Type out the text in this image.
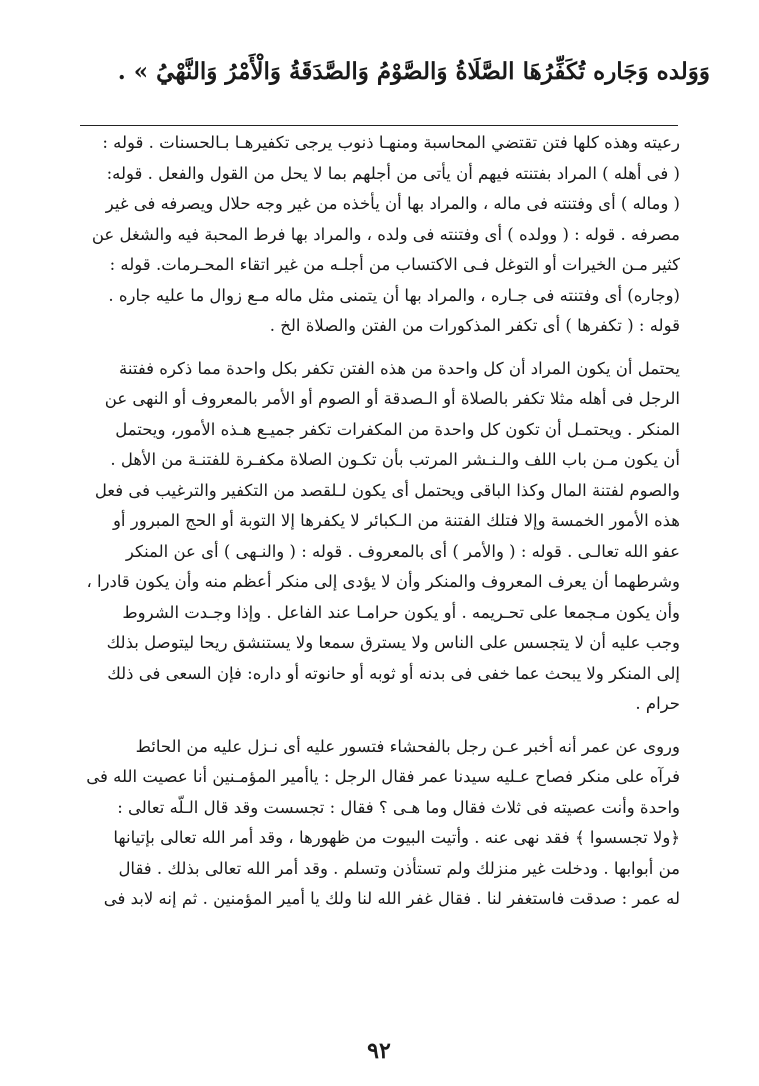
وَوَلده وَجَاره تُكَفِّرُهَا الصَّلَاةُ وَالصَّوْمُ وَالصَّدَقَةُ وَالْأَمْرُ وَالنَّهْيُ » .
رعيته وهذه كلها فتن تقتضي المحاسبة ومنهـا ذنوب يرجى تكفيرهـا بـالحسنات . قوله :
( فى أهله ) المراد بفتنته فيهم أن يأتى من أجلهم بما لا يحل من القول والفعل . قوله:
( وماله ) أى وفتنته فى ماله ، والمراد بها أن يأخذه من غير وجه حلال ويصرفه فى غير
مصرفه . قوله : ( وولده ) أى وفتنته فى ولده ، والمراد بها فرط المحبة فيه والشغل عن
كثير مـن الخيرات أو التوغل فـى الاكتساب من أجلـه من غير اتقاء المحـرمات. قوله :
(وجاره) أى وفتنته فى جـاره ، والمراد بها أن يتمنى مثل ماله مـع زوال ما عليه جاره .
قوله : ( تكفرها ) أى تكفر المذكورات من الفتن والصلاة الخ .
يحتمل أن يكون المراد أن كل واحدة من هذه الفتن تكفر بكل واحدة مما ذكره ففتنة
الرجل فى أهله مثلا تكفر بالصلاة أو الـصدقة أو الصوم أو الأمر بالمعروف أو النهى عن
المنكر . ويحتمـل أن تكون كل واحدة من المكفرات تكفر جميـع هـذه الأمور، ويحتمل
أن يكون مـن باب اللف والـنـشر المرتب بأن تكـون الصلاة مكفـرة للفتنـة من الأهل .
والصوم لفتنة المال وكذا الباقى ويحتمل أى يكون لـلقصد من التكفير والترغيب فى فعل
هذه الأمور الخمسة وإلا فتلك الفتنة من الـكبائر لا يكفرها إلا التوبة أو الحج المبرور أو
عفو الله تعالـى . قوله : ( والأمر ) أى بالمعروف . قوله : ( والنـهى ) أى عن المنكر
وشرطهما أن يعرف المعروف والمنكر وأن لا يؤدى إلى منكر أعظم منه وأن يكون قادرا ،
وأن يكون مـجمعا على تحـريمه . أو يكون حرامـا عند الفاعل . وإذا وجـدت الشروط
وجب عليه أن لا يتجسس على الناس ولا يسترق سمعا ولا يستنشق ريحا ليتوصل بذلك
إلى المنكر ولا يبحث عما خفى فى بدنه أو ثوبه أو حانوته أو داره: فإن السعى فى ذلك
حرام .
وروى عن عمر أنه أخبر عـن رجل بالفحشاء فتسور عليه أى نـزل عليه من الحائط
فرآه على منكر فصاح عـليه سيدنا عمر فقال الرجل : ياأمير المؤمـنين أنا عصيت الله فى
واحدة وأنت عصيته فى ثلاث فقال وما هـى ؟ فقال : تجسست وقد قال الـلّه تعالى :
﴿ولا تجسسوا ﴾ فقد نهى عنه . وأتيت البيوت من ظهورها ، وقد أمر الله تعالى بإتيانها
من أبوابها . ودخلت غير منزلك ولم تستأذن وتسلم . وقد أمر الله تعالى بذلك . فقال
له عمر : صدقت فاستغفر لنا . فقال غفر الله لنا ولك يا أمير المؤمنين . ثم إنه لابد فى
٩٢
